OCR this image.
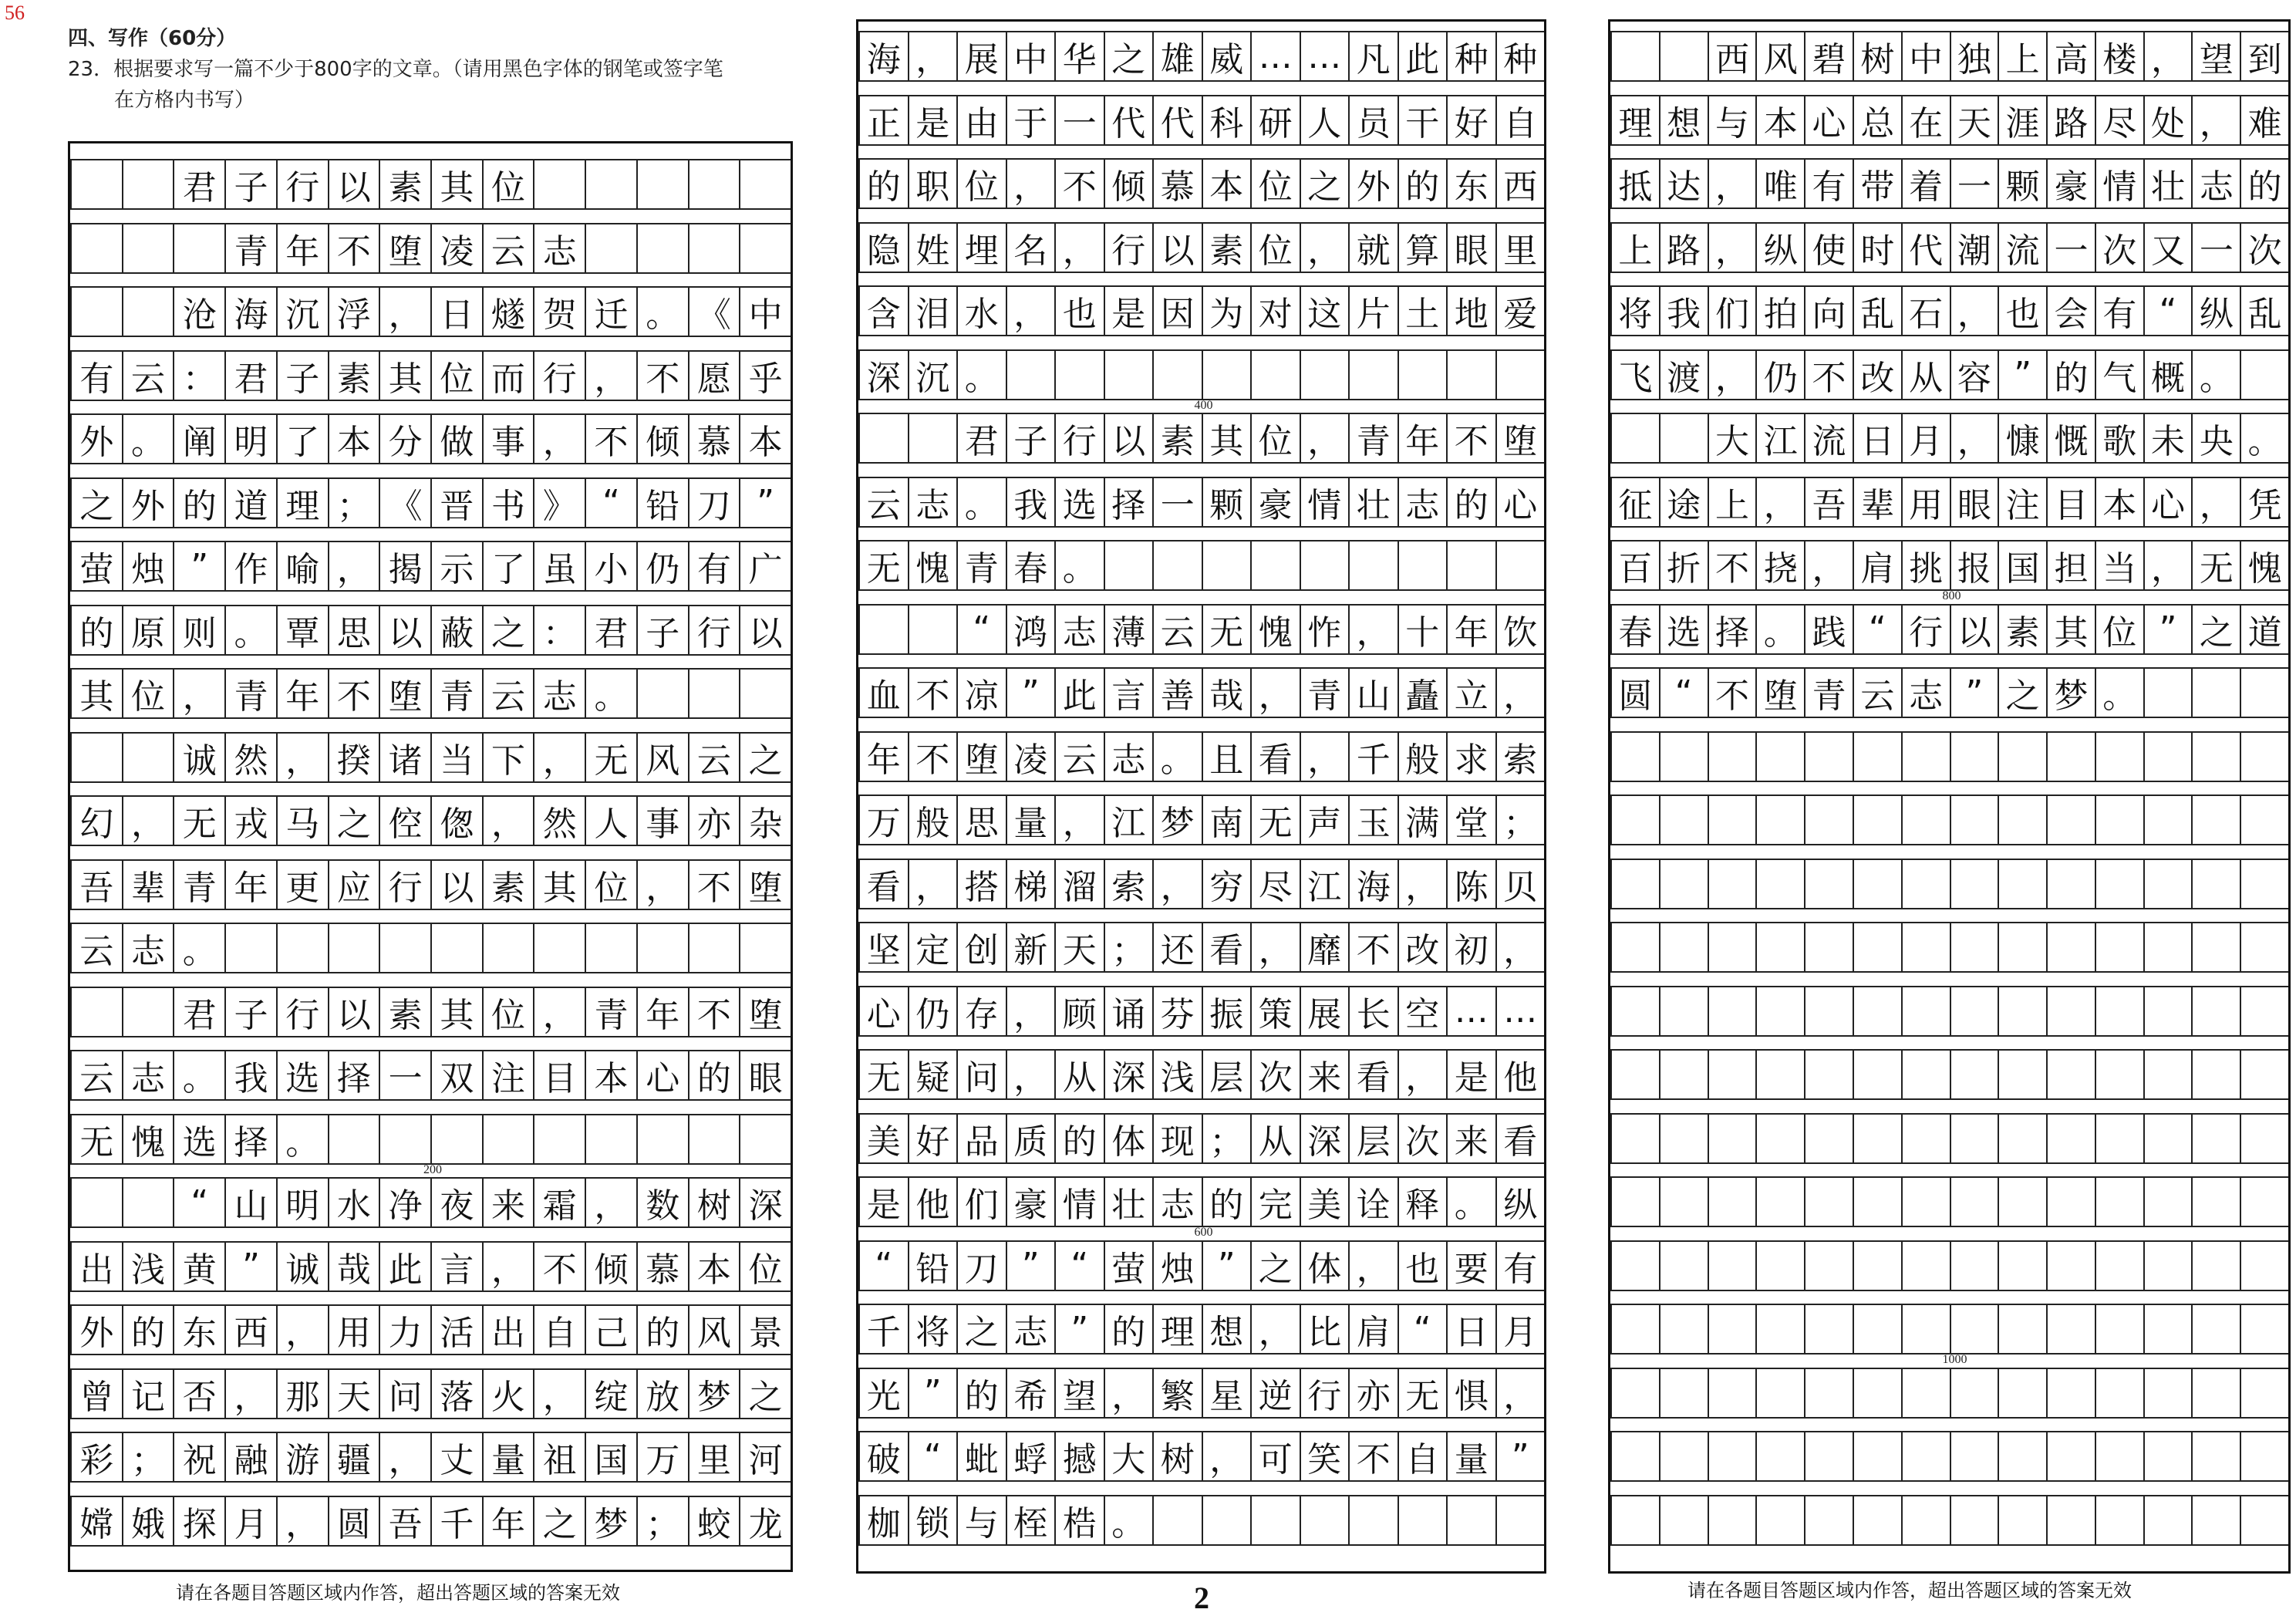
56
四、写作（60分）
23．根据要求写一篇不少于800字的文章。（请用黑色字体的钢笔或签字笔
在方格内书写）
君 子 行 以 素 其 位
青 年 不 堕 凌 云 志
沧 海 沉 浮 ， 日 燧 贺 迁 。 《 中
有 云 ： 君 子 素 其 位 而 行 ， 不 愿 乎
外 。 阐 明 了 本 分 做 事 ， 不 倾 慕 本
之 外 的 道 理 ； 《 晋 书 》 “ 铅 刀 ”
萤 烛 ” 作 喻 ， 揭 示 了 虽 小 仍 有 广
的 原 则 。 覃 思 以 蔽 之 ： 君 子 行 以
其 位 ， 青 年 不 堕 青 云 志 。
诚 然 ， 揆 诸 当 下 ， 无 风 云 之
幻 ， 无 戎 马 之 倥 偬 ， 然 人 事 亦 杂
吾 辈 青 年 更 应 行 以 素 其 位 ， 不 堕
云 志 。
君 子 行 以 素 其 位 ， 青 年 不 堕
云 志 。 我 选 择 一 双 注 目 本 心 的 眼
无 愧 选 择 。
“ 山 明 水 净 夜 来 霜 ， 数 树 深
出 浅 黄 ” 诚 哉 此 言 ， 不 倾 慕 本 位
外 的 东 西 ， 用 力 活 出 自 己 的 风 景
曾 记 否 ， 那 天 问 落 火 ， 绽 放 梦 之
彩 ； 祝 融 游 疆 ， 丈 量 祖 国 万 里 河
嫦 娥 探 月 ， 圆 吾 千 年 之 梦 ； 蛟 龙
200
海 ， 展 中 华 之 雄 威 … … 凡 此 种 种
正 是 由 于 一 代 代 科 研 人 员 干 好 自
的 职 位 ， 不 倾 慕 本 位 之 外 的 东 西
隐 姓 埋 名 ， 行 以 素 位 ， 就 算 眼 里
含 泪 水 ， 也 是 因 为 对 这 片 土 地 爱
深 沉 。
君 子 行 以 素 其 位 ， 青 年 不 堕
云 志 。 我 选 择 一 颗 豪 情 壮 志 的 心
无 愧 青 春 。
“ 鸿 志 薄 云 无 愧 怍 ， 十 年 饮
血 不 凉 ” 此 言 善 哉 ， 青 山 矗 立 ，
年 不 堕 凌 云 志 。 且 看 ， 千 般 求 索
万 般 思 量 ， 江 梦 南 无 声 玉 满 堂 ；
看 ， 搭 梯 溜 索 ， 穷 尽 江 海 ， 陈 贝
坚 定 创 新 天 ； 还 看 ， 靡 不 改 初 ，
心 仍 存 ， 顾 诵 芬 振 策 展 长 空 … …
无 疑 问 ， 从 深 浅 层 次 来 看 ， 是 他
美 好 品 质 的 体 现 ； 从 深 层 次 来 看
是 他 们 豪 情 壮 志 的 完 美 诠 释 。 纵
“ 铅 刀 ” “ 萤 烛 ” 之 体 ， 也 要 有
千 将 之 志 ” 的 理 想 ， 比 肩 “ 日 月
光 ” 的 希 望 ， 繁 星 逆 行 亦 无 惧 ，
破 “ 蚍 蜉 撼 大 树 ， 可 笑 不 自 量 ”
枷 锁 与 桎 梏 。
400
600
西 风 碧 树 中 独 上 高 楼 ， 望 到
理 想 与 本 心 总 在 天 涯 路 尽 处 ， 难
抵 达 ， 唯 有 带 着 一 颗 豪 情 壮 志 的
上 路 ， 纵 使 时 代 潮 流 一 次 又 一 次
将 我 们 拍 向 乱 石 ， 也 会 有 “ 纵 乱
飞 渡 ， 仍 不 改 从 容 ” 的 气 概 。
大 江 流 日 月 ， 慷 慨 歌 未 央 。
征 途 上 ， 吾 辈 用 眼 注 目 本 心 ， 凭
百 折 不 挠 ， 肩 挑 报 国 担 当 ， 无 愧
春 选 择 。 践 “ 行 以 素 其 位 ” 之 道
圆 “ 不 堕 青 云 志 ” 之 梦 。
800
1000
请在各题目答题区域内作答，超出答题区域的答案无效	2	请在各题目答题区域内作答，超出答题区域的答案无效
